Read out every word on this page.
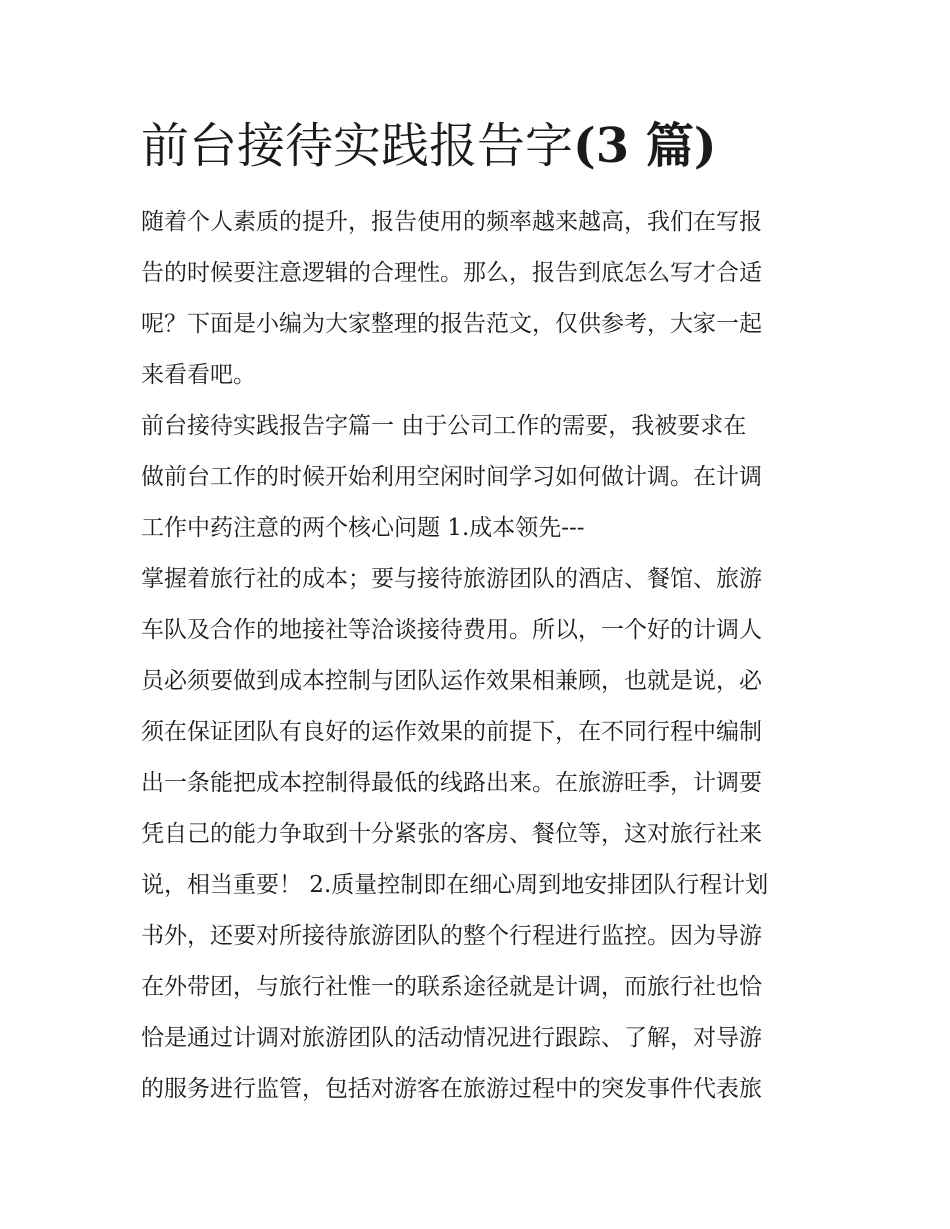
前台接待实践报告字(3 篇)

随着个人素质的提升，报告使用的频率越来越高，我们在写报
告的时候要注意逻辑的合理性。那么，报告到底怎么写才合适
呢？下面是小编为大家整理的报告范文，仅供参考，大家一起
来看看吧。

前台接待实践报告字篇一 由于公司工作的需要，我被要求在
做前台工作的时候开始利用空闲时间学习如何做计调。在计调
工作中药注意的两个核心问题 1.成本领先---

掌握着旅行社的成本；要与接待旅游团队的酒店、餐馆、旅游
车队及合作的地接社等洽谈接待费用。所以，一个好的计调人
员必须要做到成本控制与团队运作效果相兼顾，也就是说，必
须在保证团队有良好的运作效果的前提下，在不同行程中编制
出一条能把成本控制得最低的线路出来。在旅游旺季，计调要
凭自己的能力争取到十分紧张的客房、餐位等，这对旅行社来
说，相当重要！ 2.质量控制即在细心周到地安排团队行程计划
书外，还要对所接待旅游团队的整个行程进行监控。因为导游
在外带团，与旅行社惟一的联系途径就是计调，而旅行社也恰
恰是通过计调对旅游团队的活动情况进行跟踪、了解，对导游
的服务进行监管，包括对游客在旅游过程中的突发事件代表旅
